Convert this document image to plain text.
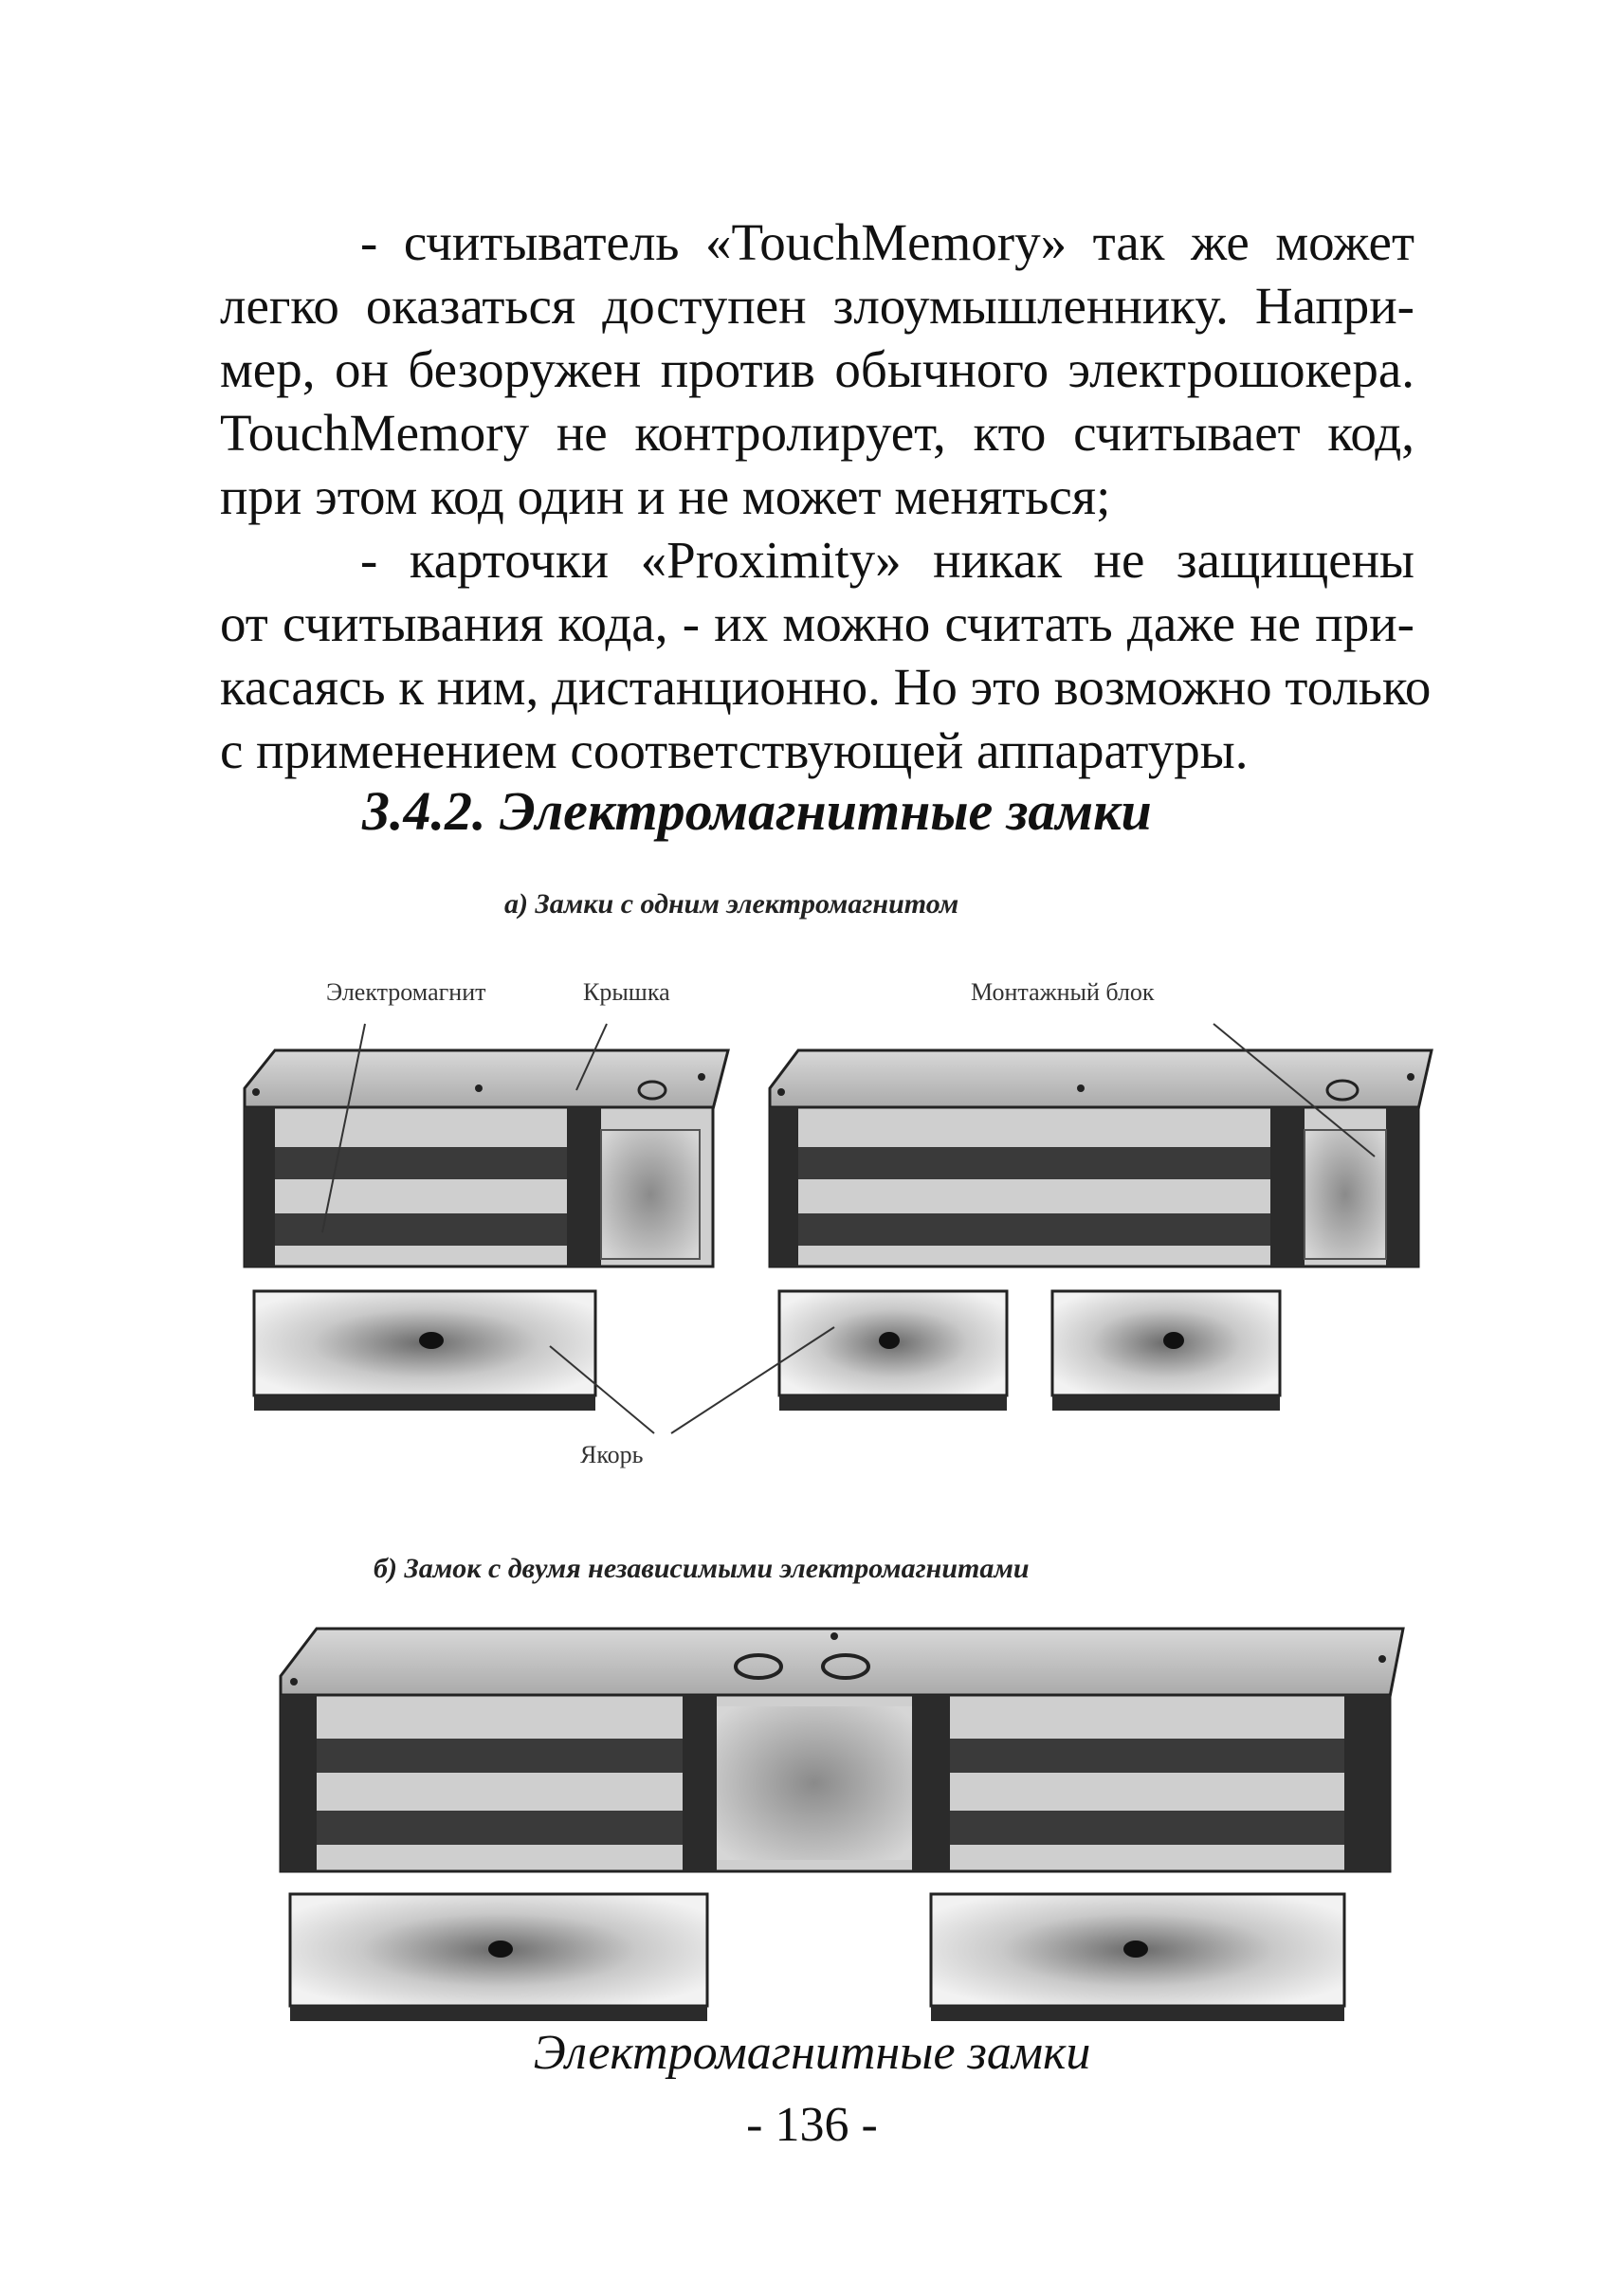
- считыватель «TouchMemory» так же может
легко оказаться доступен злоумышленнику. Напри-
мер, он безоружен против обычного электрошокера.
TouchMemory не контролирует, кто считывает код,
при этом код один и не может меняться;
- карточки «Proximity» никак не защищены
от считывания кода, - их можно считать даже не при-
касаясь к ним, дистанционно. Но это возможно только
с применением соответствующей аппаратуры.
3.4.2. Электромагнитные замки

а) Замки с одним электромагнитом

Электромагнит	Крышка	Монтажный блок
Якорь

б) Замок с двумя независимыми электромагнитами

Электромагнитные замки

- 136 -
